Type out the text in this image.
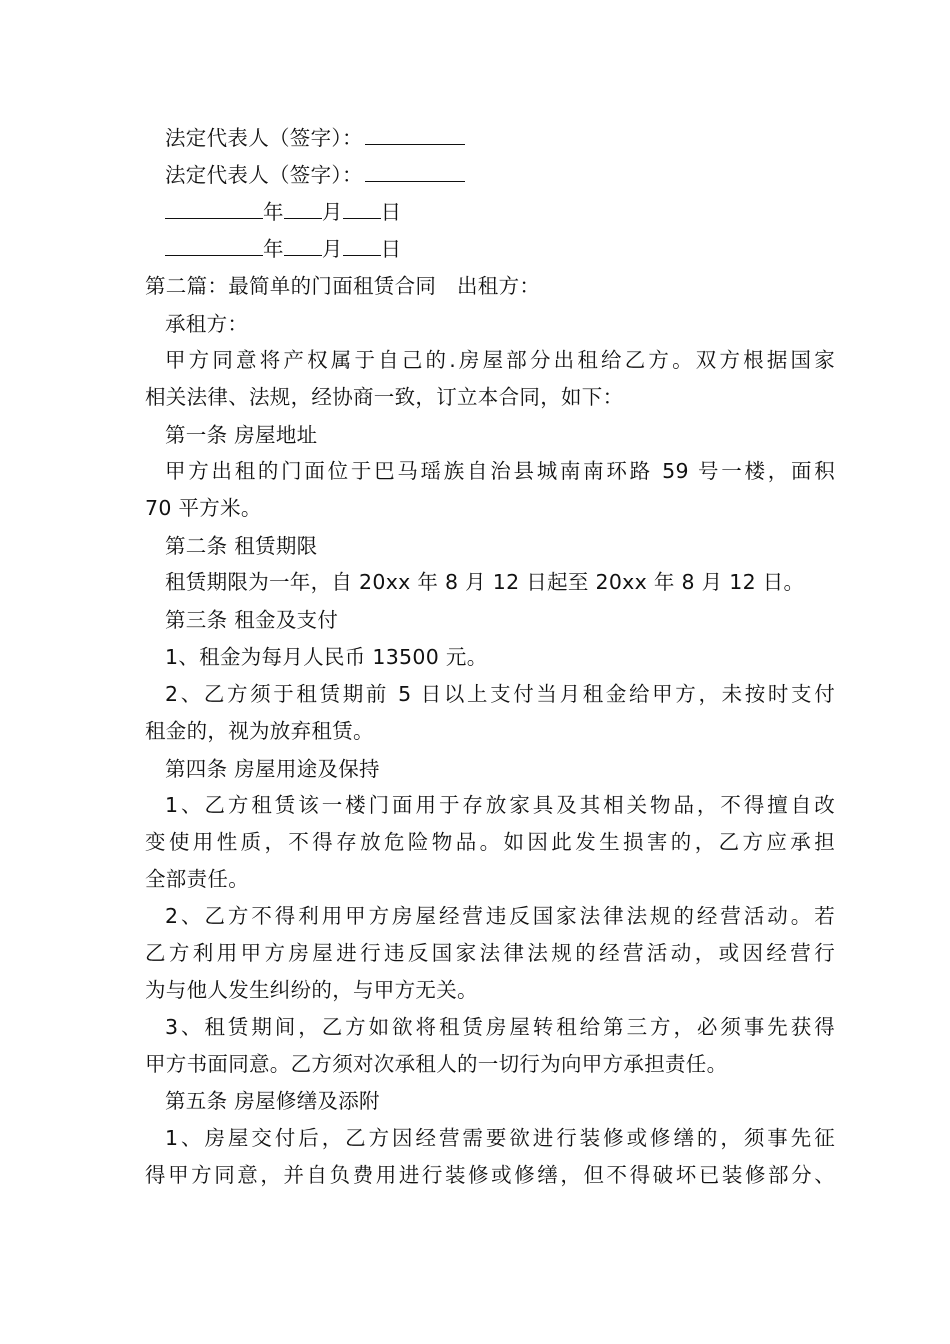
法定代表人（签字）：
法定代表人（签字）：
年 月 日
年 月 日
第二篇：最简单的门面租赁合同　出租方：
承租方：
甲方同意将产权属于自己的.房屋部分出租给乙方。双方根据国家
相关法律、法规，经协商一致，订立本合同，如下：
第一条 房屋地址
甲方出租的门面位于巴马瑶族自治县城南南环路 59 号一楼，面积
70 平方米。
第二条 租赁期限
租赁期限为一年，自 20xx 年 8 月 12 日起至 20xx 年 8 月 12 日。
第三条 租金及支付
1、租金为每月人民币 13500 元。
2、乙方须于租赁期前 5 日以上支付当月租金给甲方，未按时支付
租金的，视为放弃租赁。
第四条 房屋用途及保持
1、乙方租赁该一楼门面用于存放家具及其相关物品，不得擅自改
变使用性质，不得存放危险物品。如因此发生损害的，乙方应承担
全部责任。
2、乙方不得利用甲方房屋经营违反国家法律法规的经营活动。若
乙方利用甲方房屋进行违反国家法律法规的经营活动，或因经营行
为与他人发生纠纷的，与甲方无关。
3、租赁期间，乙方如欲将租赁房屋转租给第三方，必须事先获得
甲方书面同意。乙方须对次承租人的一切行为向甲方承担责任。
第五条 房屋修缮及添附
1、房屋交付后，乙方因经营需要欲进行装修或修缮的，须事先征
得甲方同意，并自负费用进行装修或修缮，但不得破坏已装修部分、
